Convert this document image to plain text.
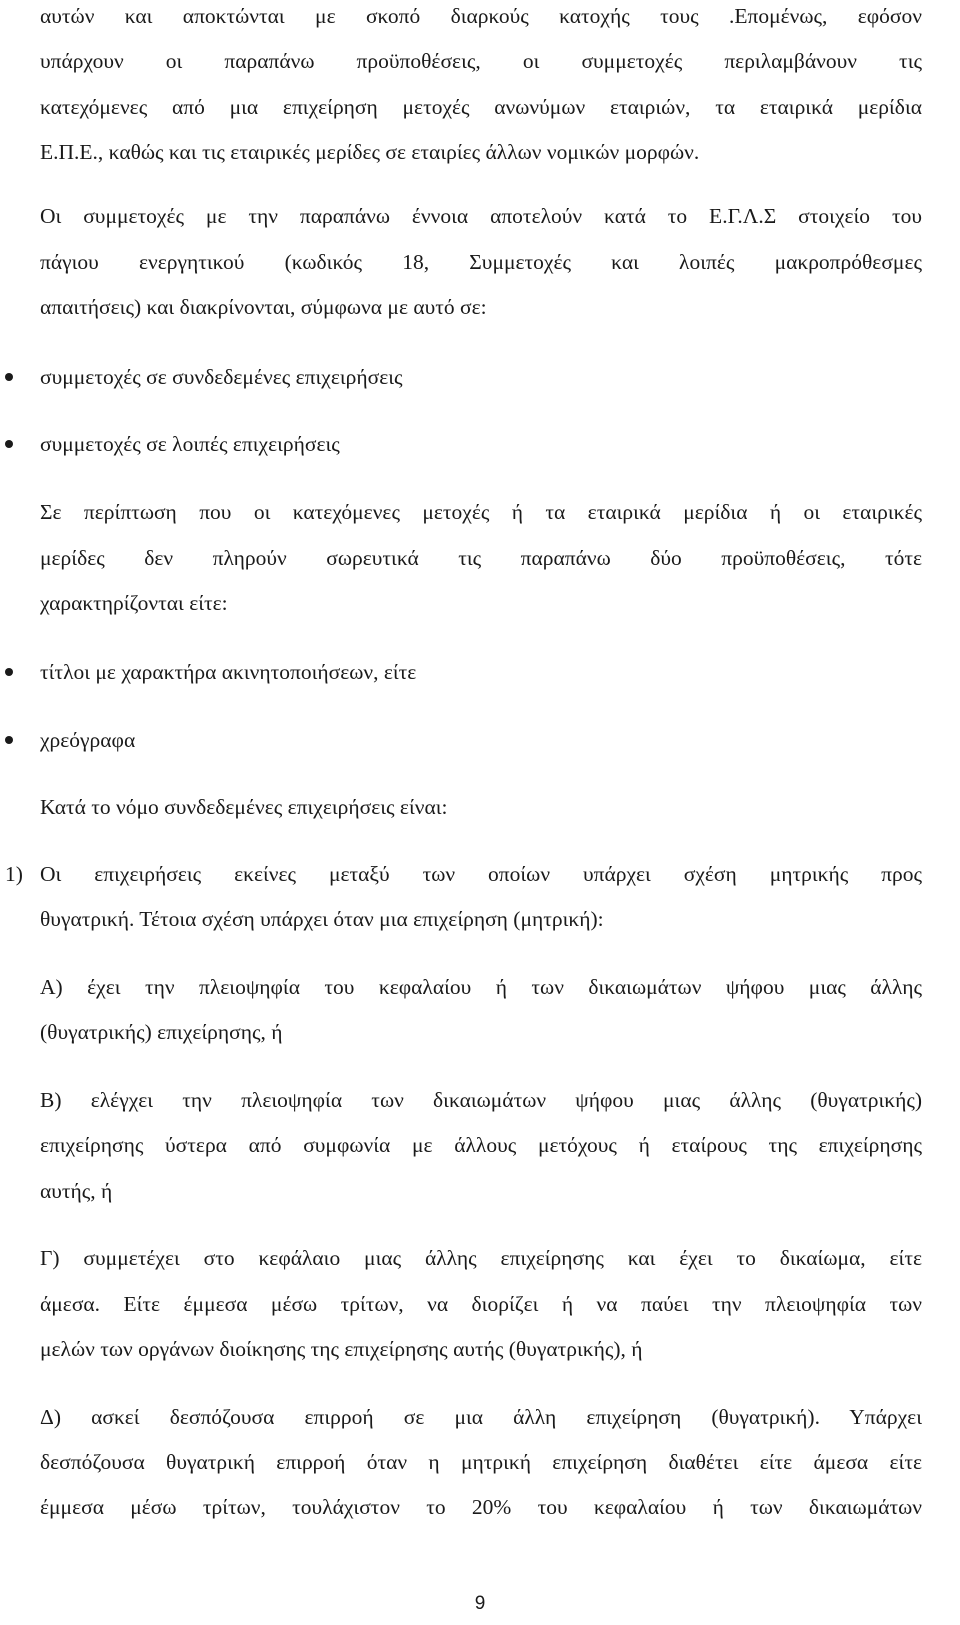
αυτών και αποκτώνται με σκοπό διαρκούς κατοχής τους .Επομένως, εφόσον
υπάρχουν οι παραπάνω προϋποθέσεις, οι συμμετοχές περιλαμβάνουν τις
κατεχόμενες από μια επιχείρηση μετοχές ανωνύμων εταιριών, τα εταιρικά μερίδια
Ε.Π.Ε., καθώς και τις εταιρικές μερίδες σε εταιρίες άλλων νομικών μορφών.
Οι συμμετοχές με την παραπάνω έννοια αποτελούν κατά το Ε.Γ.Λ.Σ στοιχείο του
πάγιου ενεργητικού (κωδικός 18, Συμμετοχές και λοιπές μακροπρόθεσμες
απαιτήσεις) και διακρίνονται, σύμφωνα με αυτό σε:
συμμετοχές σε συνδεδεμένες επιχειρήσεις
συμμετοχές σε λοιπές επιχειρήσεις
Σε περίπτωση που οι κατεχόμενες μετοχές ή τα εταιρικά μερίδια ή οι εταιρικές
μερίδες δεν πληρούν σωρευτικά τις παραπάνω δύο προϋποθέσεις, τότε
χαρακτηρίζονται είτε:
τίτλοι με χαρακτήρα ακινητοποιήσεων, είτε
χρεόγραφα
Κατά το νόμο συνδεδεμένες επιχειρήσεις είναι:
1) Οι επιχειρήσεις εκείνες μεταξύ των οποίων υπάρχει σχέση μητρικής προς
θυγατρική. Τέτοια σχέση υπάρχει όταν μια επιχείρηση (μητρική):
Α) έχει την πλειοψηφία του κεφαλαίου ή των δικαιωμάτων ψήφου μιας άλλης
(θυγατρικής) επιχείρησης, ή
Β) ελέγχει την πλειοψηφία των δικαιωμάτων ψήφου μιας άλλης (θυγατρικής)
επιχείρησης ύστερα από συμφωνία με άλλους μετόχους ή εταίρους της επιχείρησης
αυτής, ή
Γ) συμμετέχει στο κεφάλαιο μιας άλλης επιχείρησης και έχει το δικαίωμα, είτε
άμεσα. Είτε έμμεσα μέσω τρίτων, να διορίζει ή να παύει την πλειοψηφία των
μελών των οργάνων διοίκησης της επιχείρησης αυτής (θυγατρικής), ή
Δ) ασκεί δεσπόζουσα επιρροή σε μια άλλη επιχείρηση (θυγατρική). Υπάρχει
δεσπόζουσα θυγατρική επιρροή όταν η μητρική επιχείρηση διαθέτει είτε άμεσα είτε
έμμεσα μέσω τρίτων, τουλάχιστον το 20% του κεφαλαίου ή των δικαιωμάτων
9
